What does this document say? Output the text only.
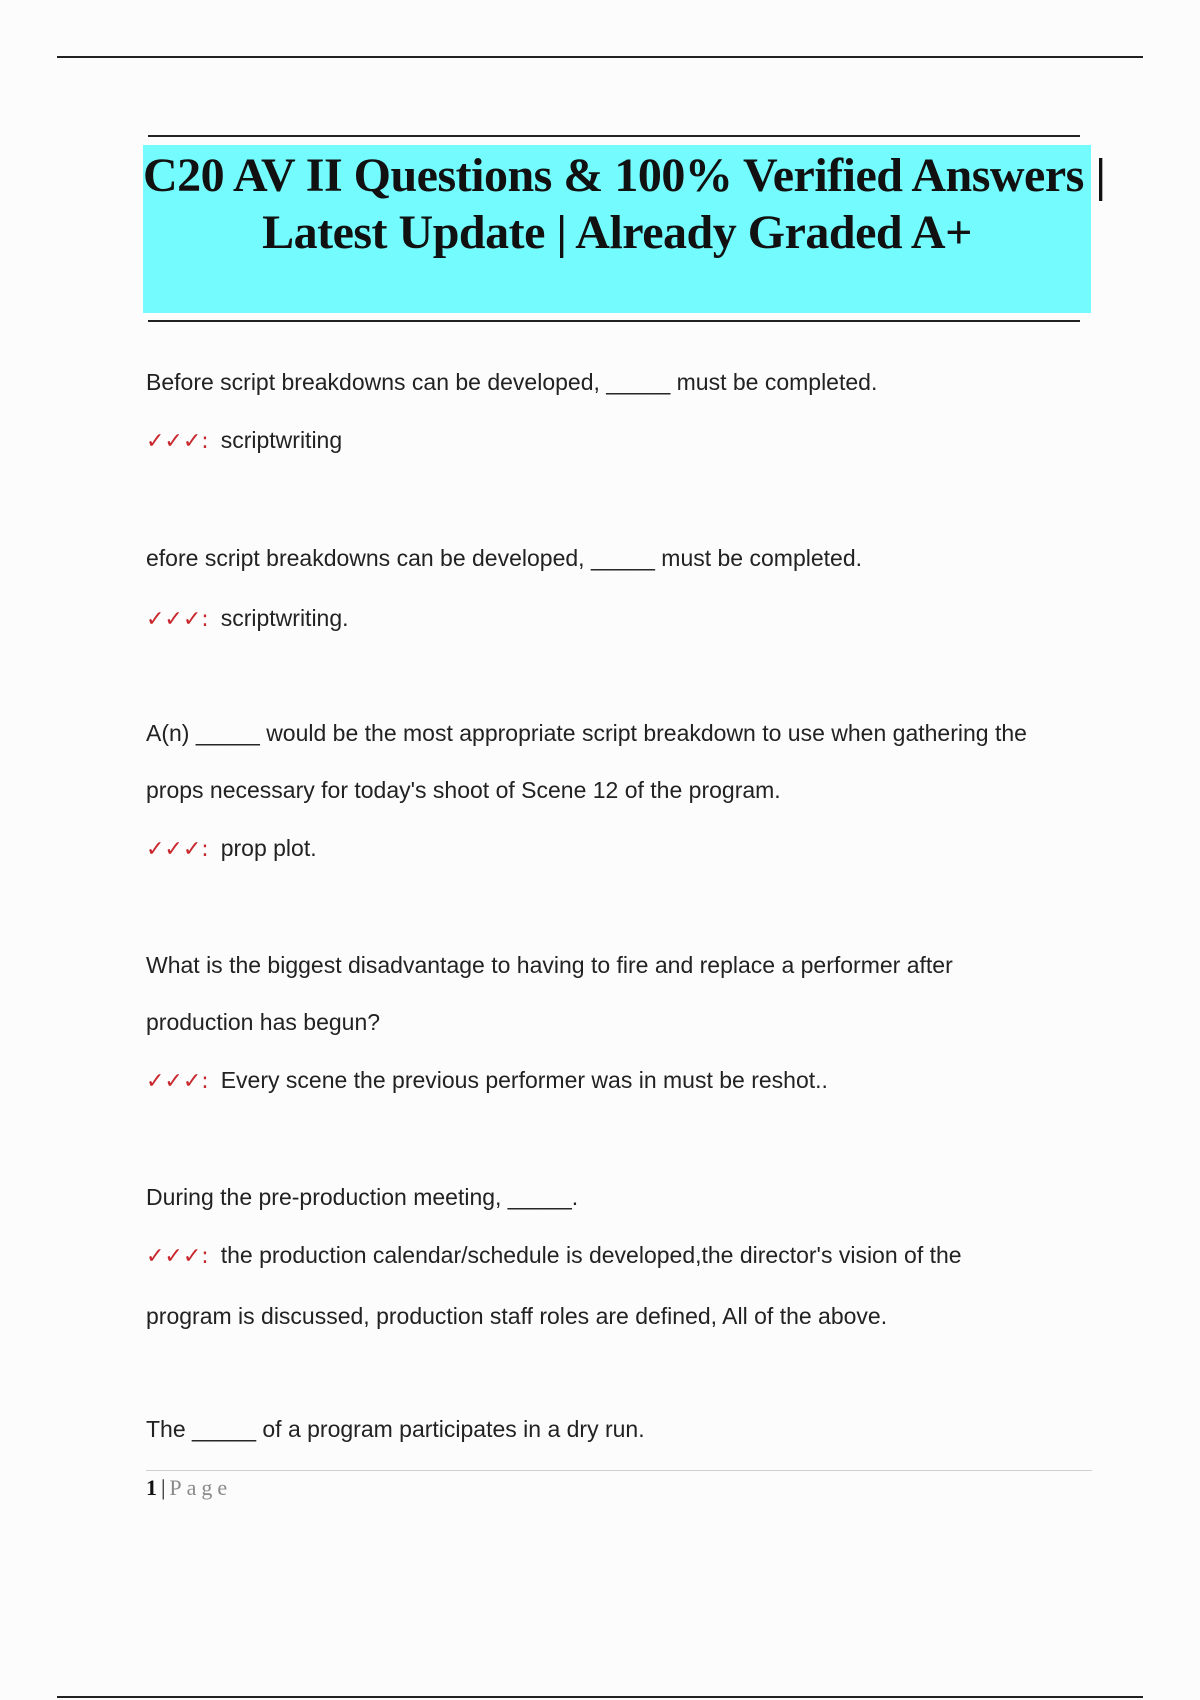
C20 AV II Questions & 100% Verified Answers |
Latest Update | Already Graded A+
Before script breakdowns can be developed, _____ must be completed.
✓✓✓: scriptwriting
efore script breakdowns can be developed, _____ must be completed.
✓✓✓: scriptwriting.
A(n) _____ would be the most appropriate script breakdown to use when gathering the
props necessary for today's shoot of Scene 12 of the program.
✓✓✓: prop plot.
What is the biggest disadvantage to having to fire and replace a performer after
production has begun?
✓✓✓: Every scene the previous performer was in must be reshot..
During the pre-production meeting, _____.
✓✓✓: the production calendar/schedule is developed,the director's vision of the
program is discussed, production staff roles are defined, All of the above.
The _____ of a program participates in a dry run.
1 | Page
